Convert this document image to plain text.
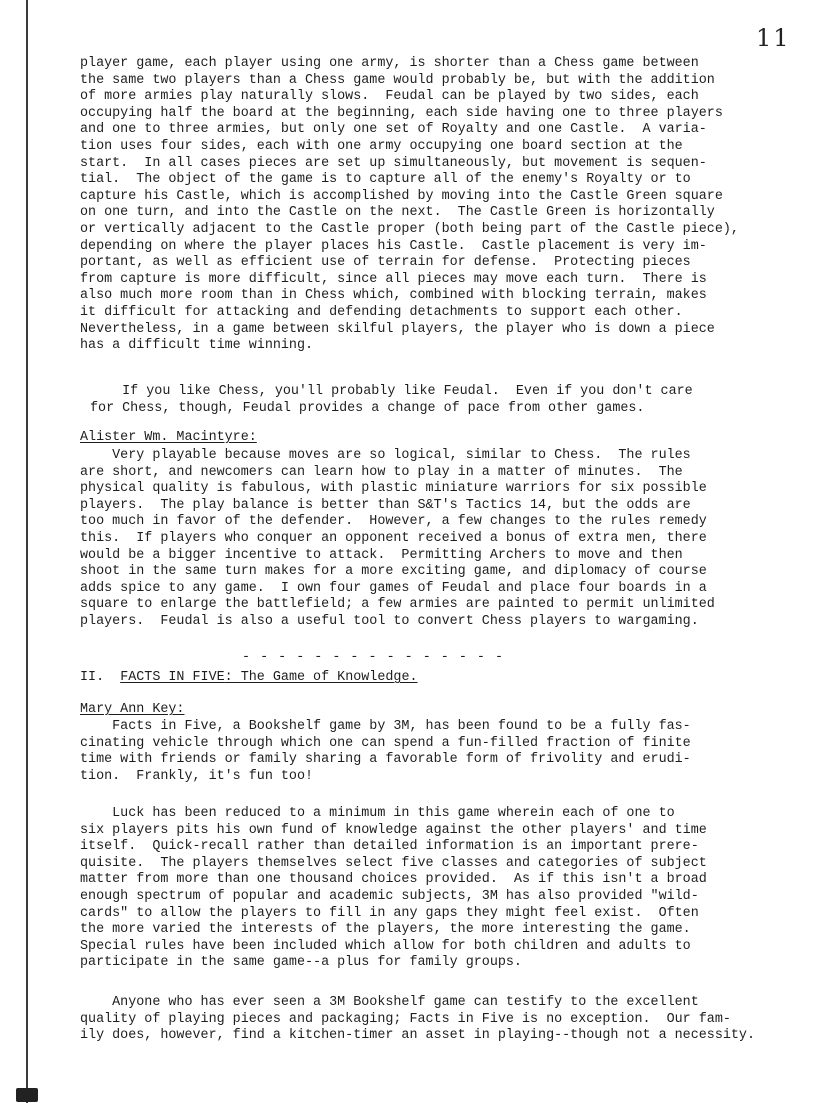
11
player game, each player using one army, is shorter than a Chess game between
the same two players than a Chess game would probably be, but with the addition
of more armies play naturally slows.  Feudal can be played by two sides, each
occupying half the board at the beginning, each side having one to three players
and one to three armies, but only one set of Royalty and one Castle.  A varia-
tion uses four sides, each with one army occupying one board section at the
start.  In all cases pieces are set up simultaneously, but movement is sequen-
tial.  The object of the game is to capture all of the enemy's Royalty or to
capture his Castle, which is accomplished by moving into the Castle Green square
on one turn, and into the Castle on the next.  The Castle Green is horizontally
or vertically adjacent to the Castle proper (both being part of the Castle piece),
depending on where the player places his Castle.  Castle placement is very im-
portant, as well as efficient use of terrain for defense.  Protecting pieces
from capture is more difficult, since all pieces may move each turn.  There is
also much more room than in Chess which, combined with blocking terrain, makes
it difficult for attacking and defending detachments to support each other.
Nevertheless, in a game between skilful players, the player who is down a piece
has a difficult time winning.
If you like Chess, you'll probably like Feudal.  Even if you don't care
for Chess, though, Feudal provides a change of pace from other games.
Alister Wm. Macintyre:
Very playable because moves are so logical, similar to Chess.  The rules
are short, and newcomers can learn how to play in a matter of minutes.  The
physical quality is fabulous, with plastic miniature warriors for six possible
players.  The play balance is better than S&T's Tactics 14, but the odds are
too much in favor of the defender.  However, a few changes to the rules remedy
this.  If players who conquer an opponent received a bonus of extra men, there
would be a bigger incentive to attack.  Permitting Archers to move and then
shoot in the same turn makes for a more exciting game, and diplomacy of course
adds spice to any game.  I own four games of Feudal and place four boards in a
square to enlarge the battlefield; a few armies are painted to permit unlimited
players.  Feudal is also a useful tool to convert Chess players to wargaming.
- - - - - - - - - - - - - - -
II. FACTS IN FIVE: The Game of Knowledge.
Mary Ann Key:
Facts in Five, a Bookshelf game by 3M, has been found to be a fully fas-
cinating vehicle through which one can spend a fun-filled fraction of finite
time with friends or family sharing a favorable form of frivolity and erudi-
tion.  Frankly, it's fun too!
Luck has been reduced to a minimum in this game wherein each of one to
six players pits his own fund of knowledge against the other players' and time
itself.  Quick-recall rather than detailed information is an important prere-
quisite.  The players themselves select five classes and categories of subject
matter from more than one thousand choices provided.  As if this isn't a broad
enough spectrum of popular and academic subjects, 3M has also provided "wild-
cards" to allow the players to fill in any gaps they might feel exist.  Often
the more varied the interests of the players, the more interesting the game.
Special rules have been included which allow for both children and adults to
participate in the same game--a plus for family groups.
Anyone who has ever seen a 3M Bookshelf game can testify to the excellent
quality of playing pieces and packaging; Facts in Five is no exception.  Our fam-
ily does, however, find a kitchen-timer an asset in playing--though not a necessity.
